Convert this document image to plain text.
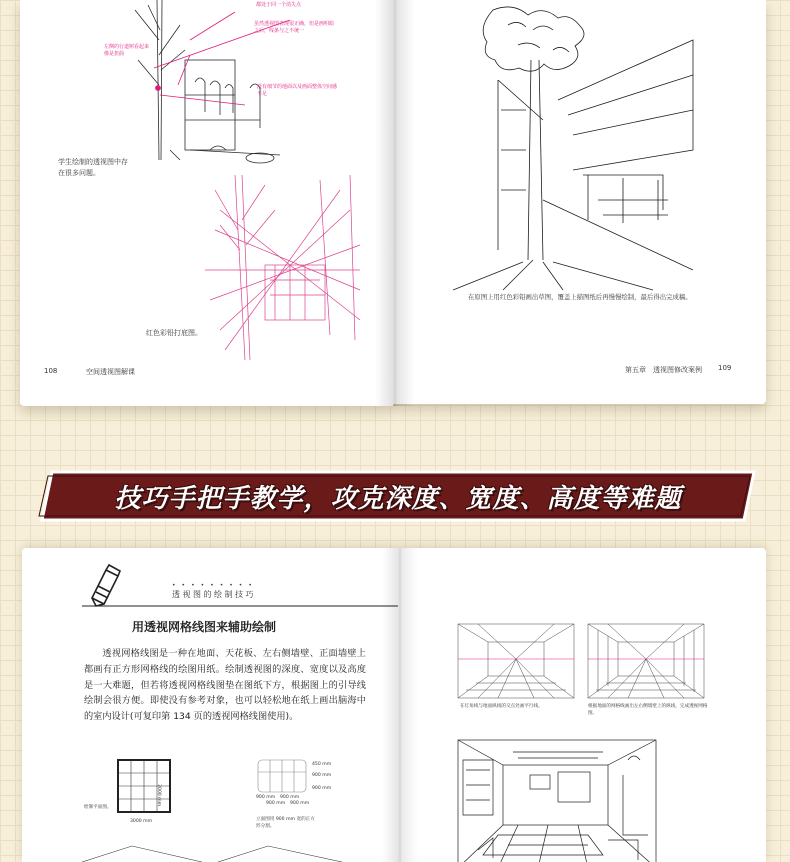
都处于同一个消失点
虽然透视图表现很正确，但是画明暗之后，线条与之不统一
左侧的行道树看起来像是扭曲
没有细节的地面以及画面整体空间感不足
学生绘制的透视图中存在很多问题。
红色彩铅打底图。
108	空间透视图解课
在原图上用红色彩铅画出草图，覆盖上描图纸后再慢慢绘制，最后得出完成稿。
第五章　透视图修改案例 109
技巧手把手教学，攻克深度、宽度、高度等难题
•••••••••
透视图的绘制技巧
用透视网格线图来辅助绘制
透视网格线图是一种在地面、天花板、左右侧墙壁、正面墙壁上都画有正方形网格线的绘图用纸。绘制透视图的深度、宽度以及高度是一大难题，但若将透视网格线图垫在图纸下方，根据图上的引导线绘制会很方便。即使没有参考对象，也可以轻松地在纸上画出脑海中的室内设计(可复印第 134 页的透视网格线图使用)。
绘制平面图。
3000 mm
3000 mm
450 mm
900 mm
900 mm
900 mm 900 mm
900 mm 900 mm
立面图用 900 mm 宽的正方形分割。
在灯角线与地面纵线的交点处画平行线。	根据地面的网格线画出左右侧墙壁上的纵线，完成透视网格图。
